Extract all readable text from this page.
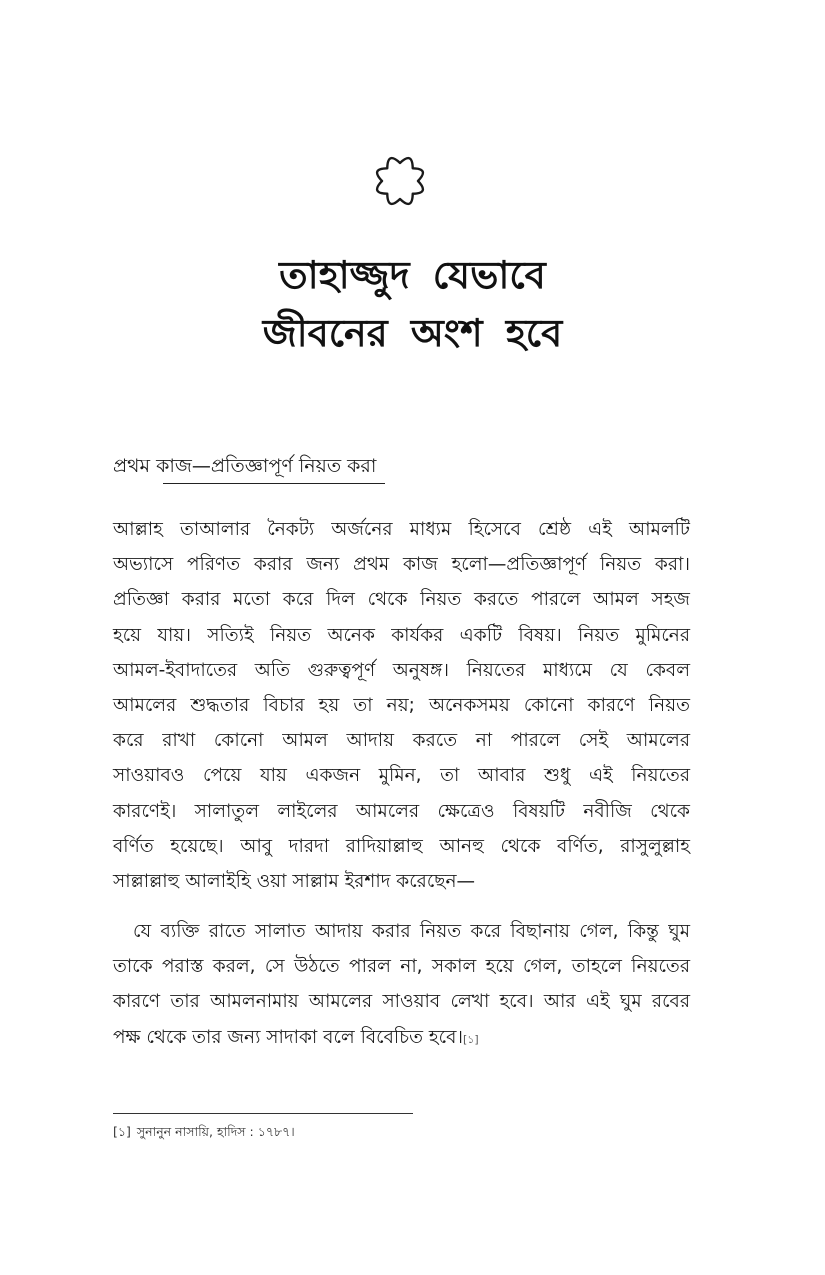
তাহাজ্জুদ যেভাবে
জীবনের অংশ হবে
প্রথম কাজ—প্রতিজ্ঞাপূর্ণ নিয়ত করা
আল্লাহ তাআলার নৈকট্য অর্জনের মাধ্যম হিসেবে শ্রেষ্ঠ এই আমলটি
অভ্যাসে পরিণত করার জন্য প্রথম কাজ হলো—প্রতিজ্ঞাপূর্ণ নিয়ত করা।
প্রতিজ্ঞা করার মতো করে দিল থেকে নিয়ত করতে পারলে আমল সহজ
হয়ে যায়। সত্যিই নিয়ত অনেক কার্যকর একটি বিষয়। নিয়ত মুমিনের
আমল-ইবাদাতের অতি গুরুত্বপূর্ণ অনুষঙ্গ। নিয়তের মাধ্যমে যে কেবল
আমলের শুদ্ধতার বিচার হয় তা নয়; অনেকসময় কোনো কারণে নিয়ত
করে রাখা কোনো আমল আদায় করতে না পারলে সেই আমলের
সাওয়াবও পেয়ে যায় একজন মুমিন, তা আবার শুধু এই নিয়তের
কারণেই। সালাতুল লাইলের আমলের ক্ষেত্রেও বিষয়টি নবীজি থেকে
বর্ণিত হয়েছে। আবু দারদা রাদিয়াল্লাহু আনহু থেকে বর্ণিত, রাসুলুল্লাহ
সাল্লাল্লাহু আলাইহি ওয়া সাল্লাম ইরশাদ করেছেন—
যে ব্যক্তি রাতে সালাত আদায় করার নিয়ত করে বিছানায় গেল, কিন্তু ঘুম
তাকে পরাস্ত করল, সে উঠতে পারল না, সকাল হয়ে গেল, তাহলে নিয়তের
কারণে তার আমলনামায় আমলের সাওয়াব লেখা হবে। আর এই ঘুম রবের
পক্ষ থেকে তার জন্য সাদাকা বলে বিবেচিত হবে।[১]
[১] সুনানুন নাসায়ি, হাদিস : ১৭৮৭।
